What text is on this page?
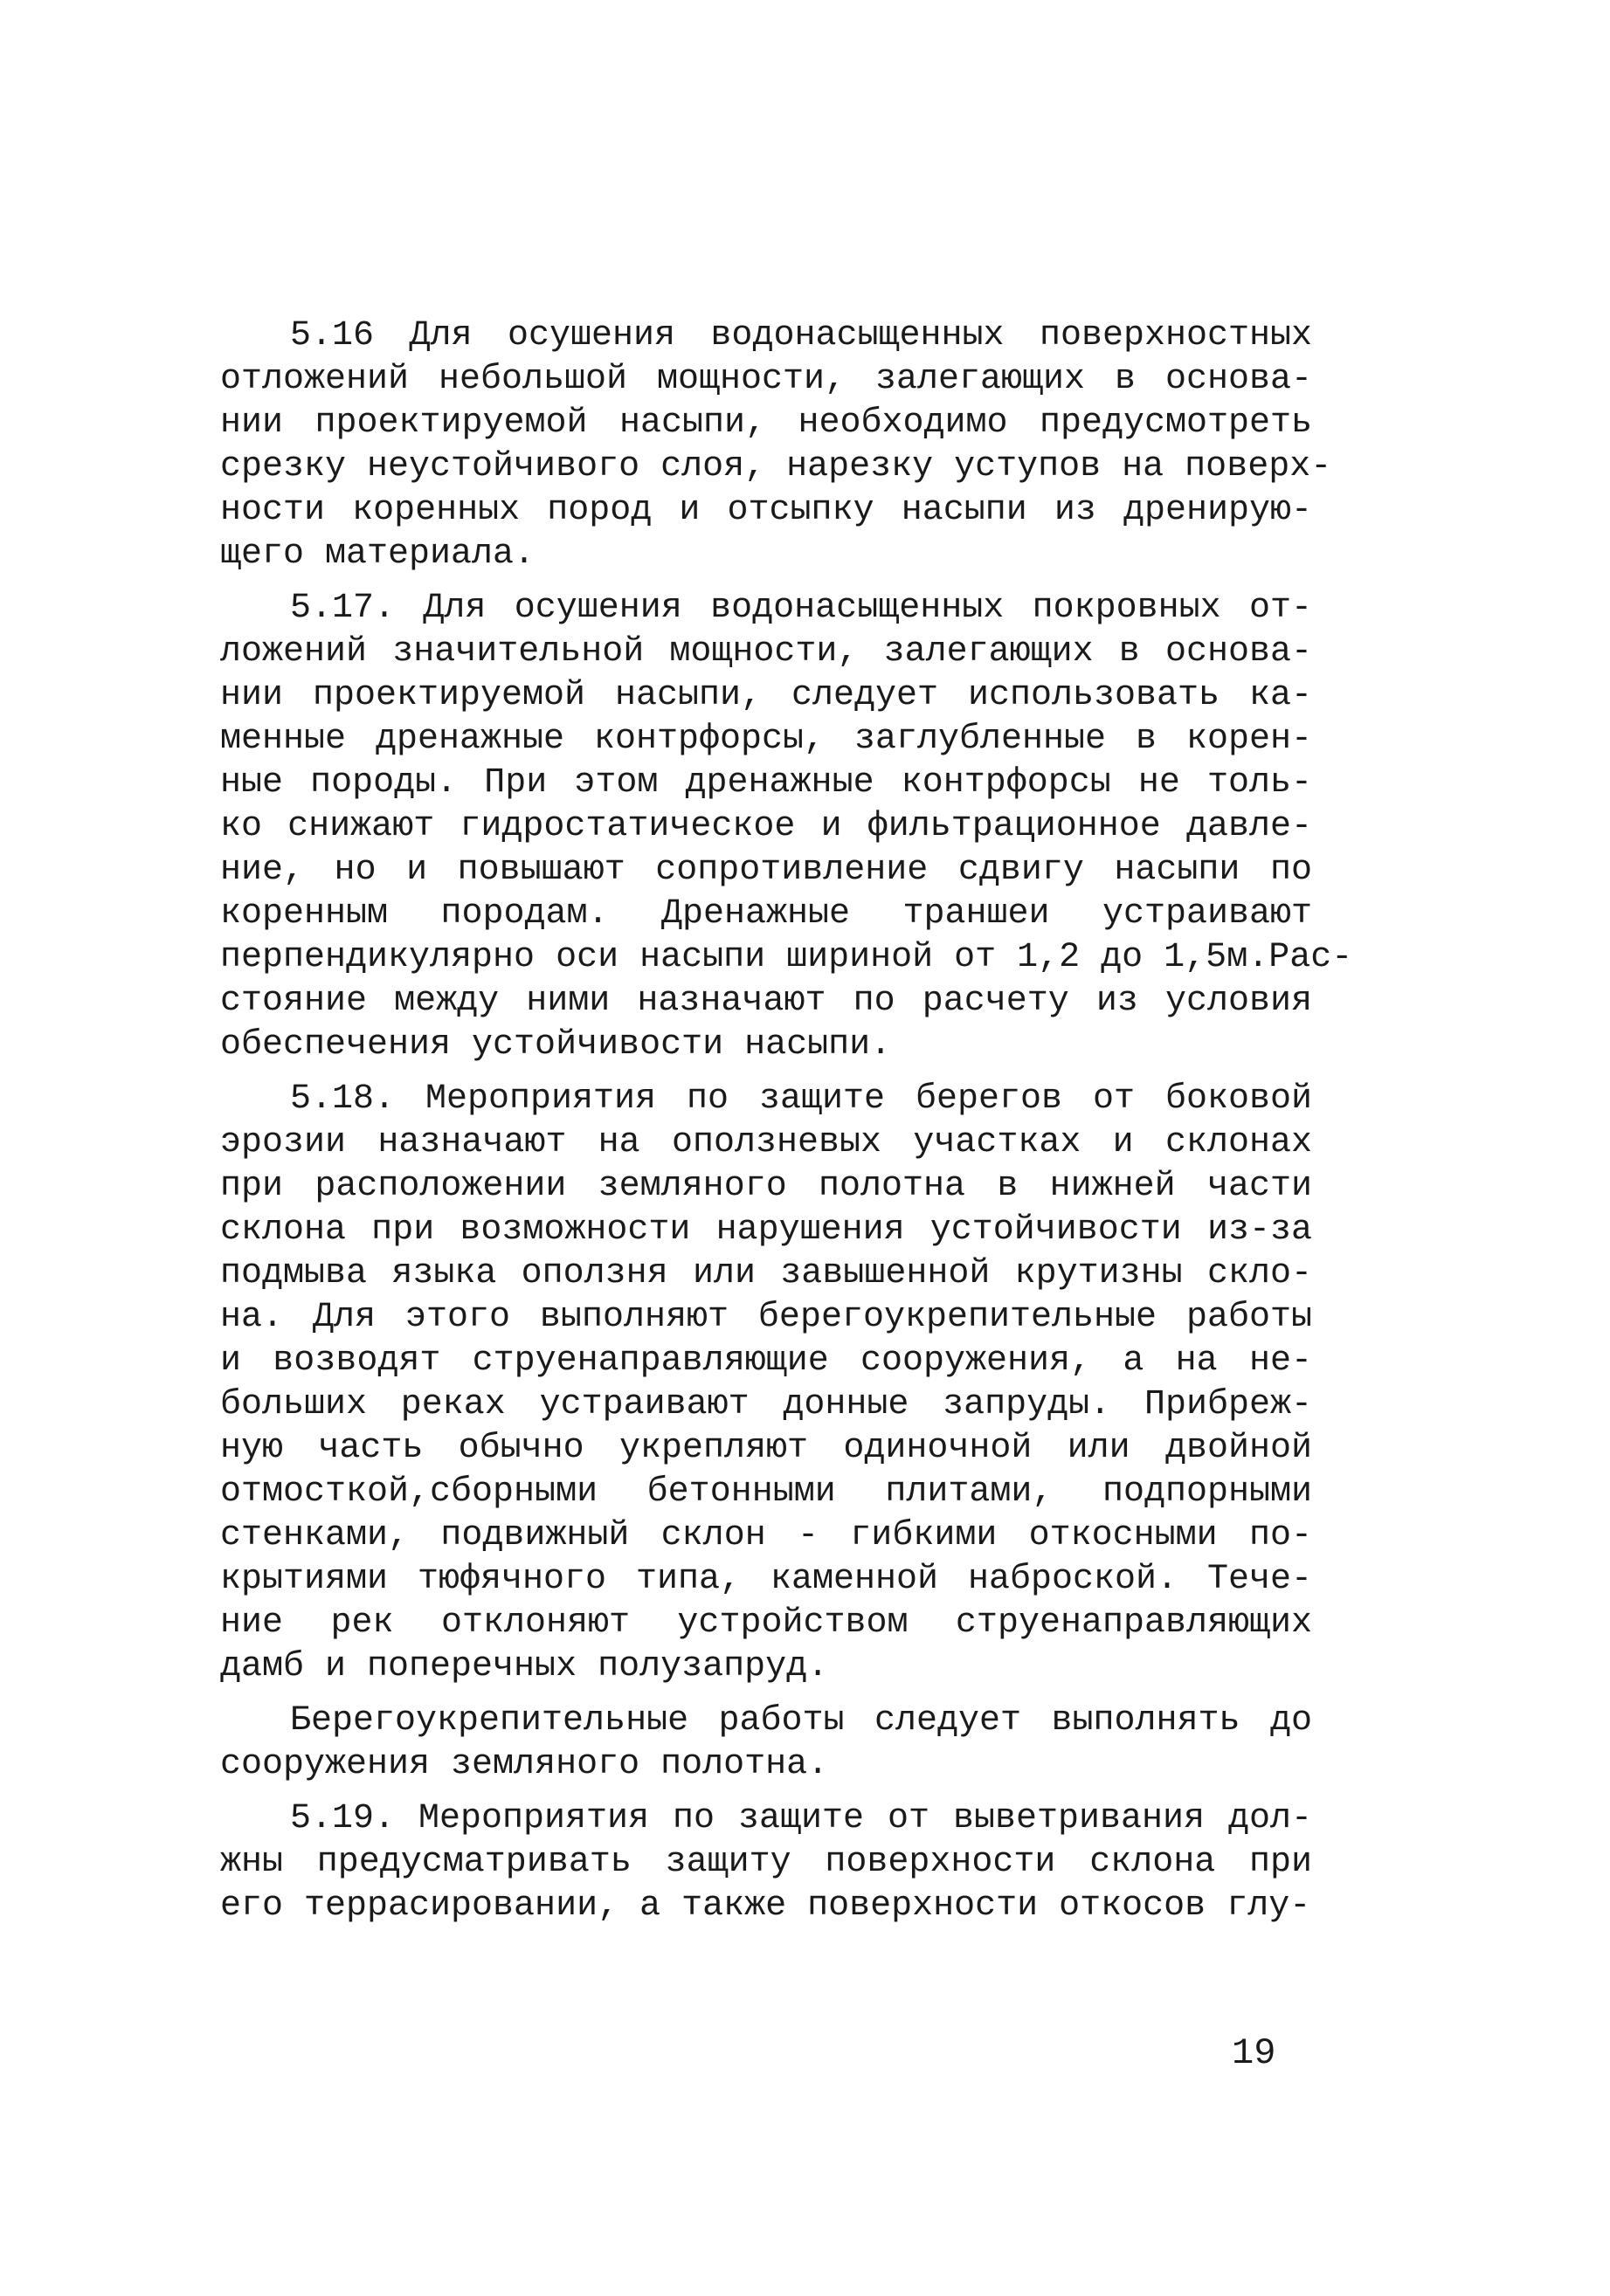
5.16 Для осушения водонасыщенных поверхностных
отложений небольшой мощности, залегающих в основа-
нии проектируемой насыпи, необходимо предусмотреть
срезку неустойчивого слоя, нарезку уступов на поверх-
ности коренных пород и отсыпку насыпи из дренирую-
щего материала.
5.17. Для осушения водонасыщенных покровных от-
ложений значительной мощности, залегающих в основа-
нии проектируемой насыпи, следует использовать ка-
менные дренажные контрфорсы, заглубленные в корен-
ные породы. При этом дренажные контрфорсы не толь-
ко снижают гидростатическое и фильтрационное давле-
ние, но и повышают сопротивление сдвигу насыпи по
коренным породам. Дренажные траншеи устраивают
перпендикулярно оси насыпи шириной от 1,2 до 1,5м.Рас-
стояние между ними назначают по расчету из условия
обеспечения устойчивости насыпи.
5.18. Мероприятия по защите берегов от боковой
эрозии назначают на оползневых участках и склонах
при расположении земляного полотна в нижней части
склона при возможности нарушения устойчивости из-за
подмыва языка оползня или завышенной крутизны скло-
на. Для этого выполняют берегоукрепительные работы
и возводят струенаправляющие сооружения, а на не-
больших реках устраивают донные запруды. Прибреж-
ную часть обычно укрепляют одиночной или двойной
отмосткой,сборными бетонными плитами, подпорными
стенками, подвижный склон - гибкими откосными по-
крытиями тюфячного типа, каменной наброской. Тече-
ние рек отклоняют устройством струенаправляющих
дамб и поперечных полузапруд.
Берегоукрепительные работы следует выполнять до
сооружения земляного полотна.
5.19. Мероприятия по защите от выветривания дол-
жны предусматривать защиту поверхности склона при
его террасировании, а также поверхности откосов глу-
19
